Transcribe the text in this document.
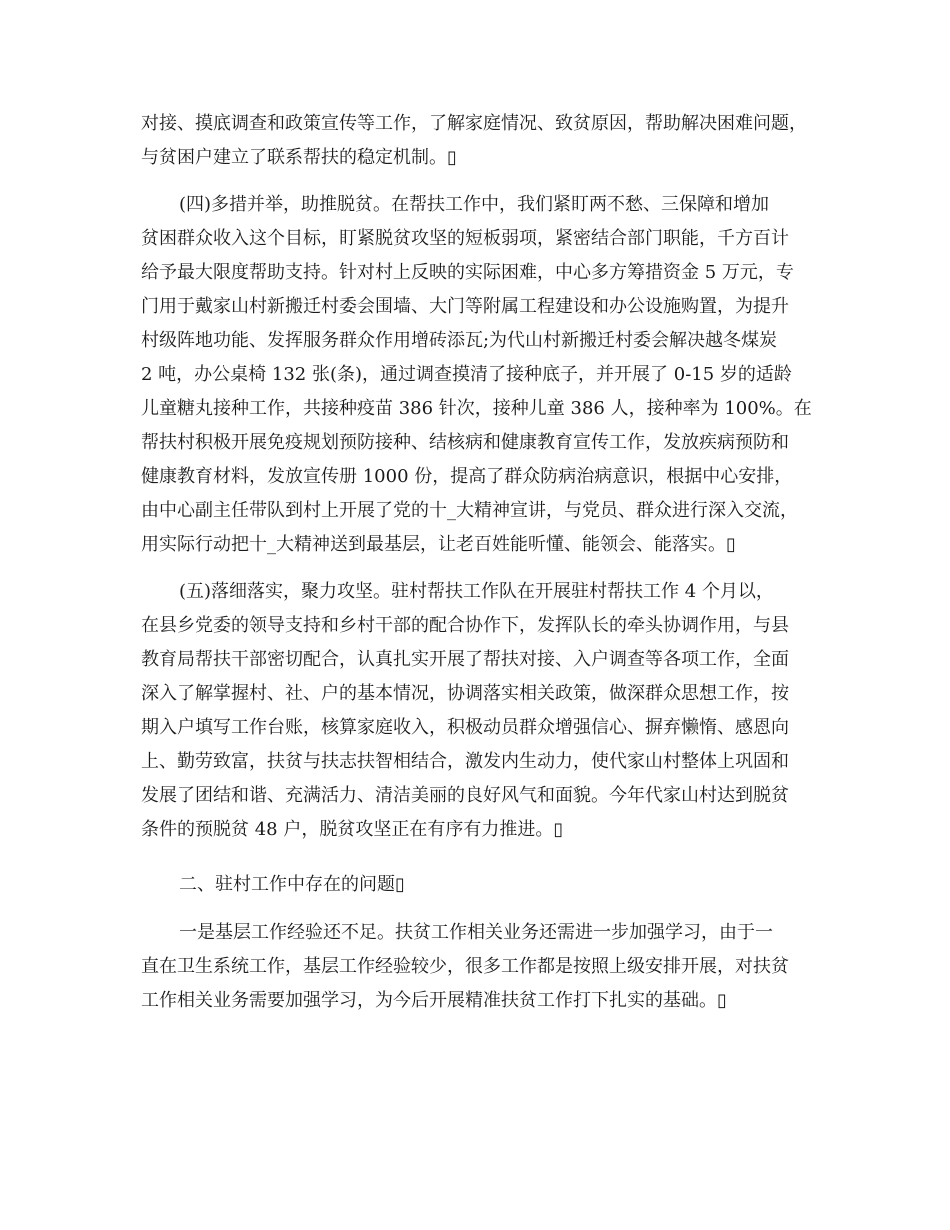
对接、摸底调查和政策宣传等工作，了解家庭情况、致贫原因，帮助解决困难问题，
与贫困户建立了联系帮扶的稳定机制。▯
(四)多措并举，助推脱贫。在帮扶工作中，我们紧盯两不愁、三保障和增加
贫困群众收入这个目标，盯紧脱贫攻坚的短板弱项，紧密结合部门职能，千方百计
给予最大限度帮助支持。针对村上反映的实际困难，中心多方筹措资金 5 万元，专
门用于戴家山村新搬迁村委会围墙、大门等附属工程建设和办公设施购置，为提升
村级阵地功能、发挥服务群众作用增砖添瓦;为代山村新搬迁村委会解决越冬煤炭
2 吨，办公桌椅 132 张(条)，通过调查摸清了接种底子，并开展了 0-15 岁的适龄
儿童糖丸接种工作，共接种疫苗 386 针次，接种儿童 386 人，接种率为 100%。在
帮扶村积极开展免疫规划预防接种、结核病和健康教育宣传工作，发放疾病预防和
健康教育材料，发放宣传册 1000 份，提高了群众防病治病意识，根据中心安排，
由中心副主任带队到村上开展了党的十_大精神宣讲，与党员、群众进行深入交流，
用实际行动把十_大精神送到最基层，让老百姓能听懂、能领会、能落实。▯
(五)落细落实，聚力攻坚。驻村帮扶工作队在开展驻村帮扶工作 4 个月以，
在县乡党委的领导支持和乡村干部的配合协作下，发挥队长的牵头协调作用，与县
教育局帮扶干部密切配合，认真扎实开展了帮扶对接、入户调查等各项工作，全面
深入了解掌握村、社、户的基本情况，协调落实相关政策，做深群众思想工作，按
期入户填写工作台账，核算家庭收入，积极动员群众增强信心、摒弃懒惰、感恩向
上、勤劳致富，扶贫与扶志扶智相结合，激发内生动力，使代家山村整体上巩固和
发展了团结和谐、充满活力、清洁美丽的良好风气和面貌。今年代家山村达到脱贫
条件的预脱贫 48 户，脱贫攻坚正在有序有力推进。▯
二、驻村工作中存在的问题▯
一是基层工作经验还不足。扶贫工作相关业务还需进一步加强学习，由于一
直在卫生系统工作，基层工作经验较少，很多工作都是按照上级安排开展，对扶贫
工作相关业务需要加强学习，为今后开展精准扶贫工作打下扎实的基础。▯
